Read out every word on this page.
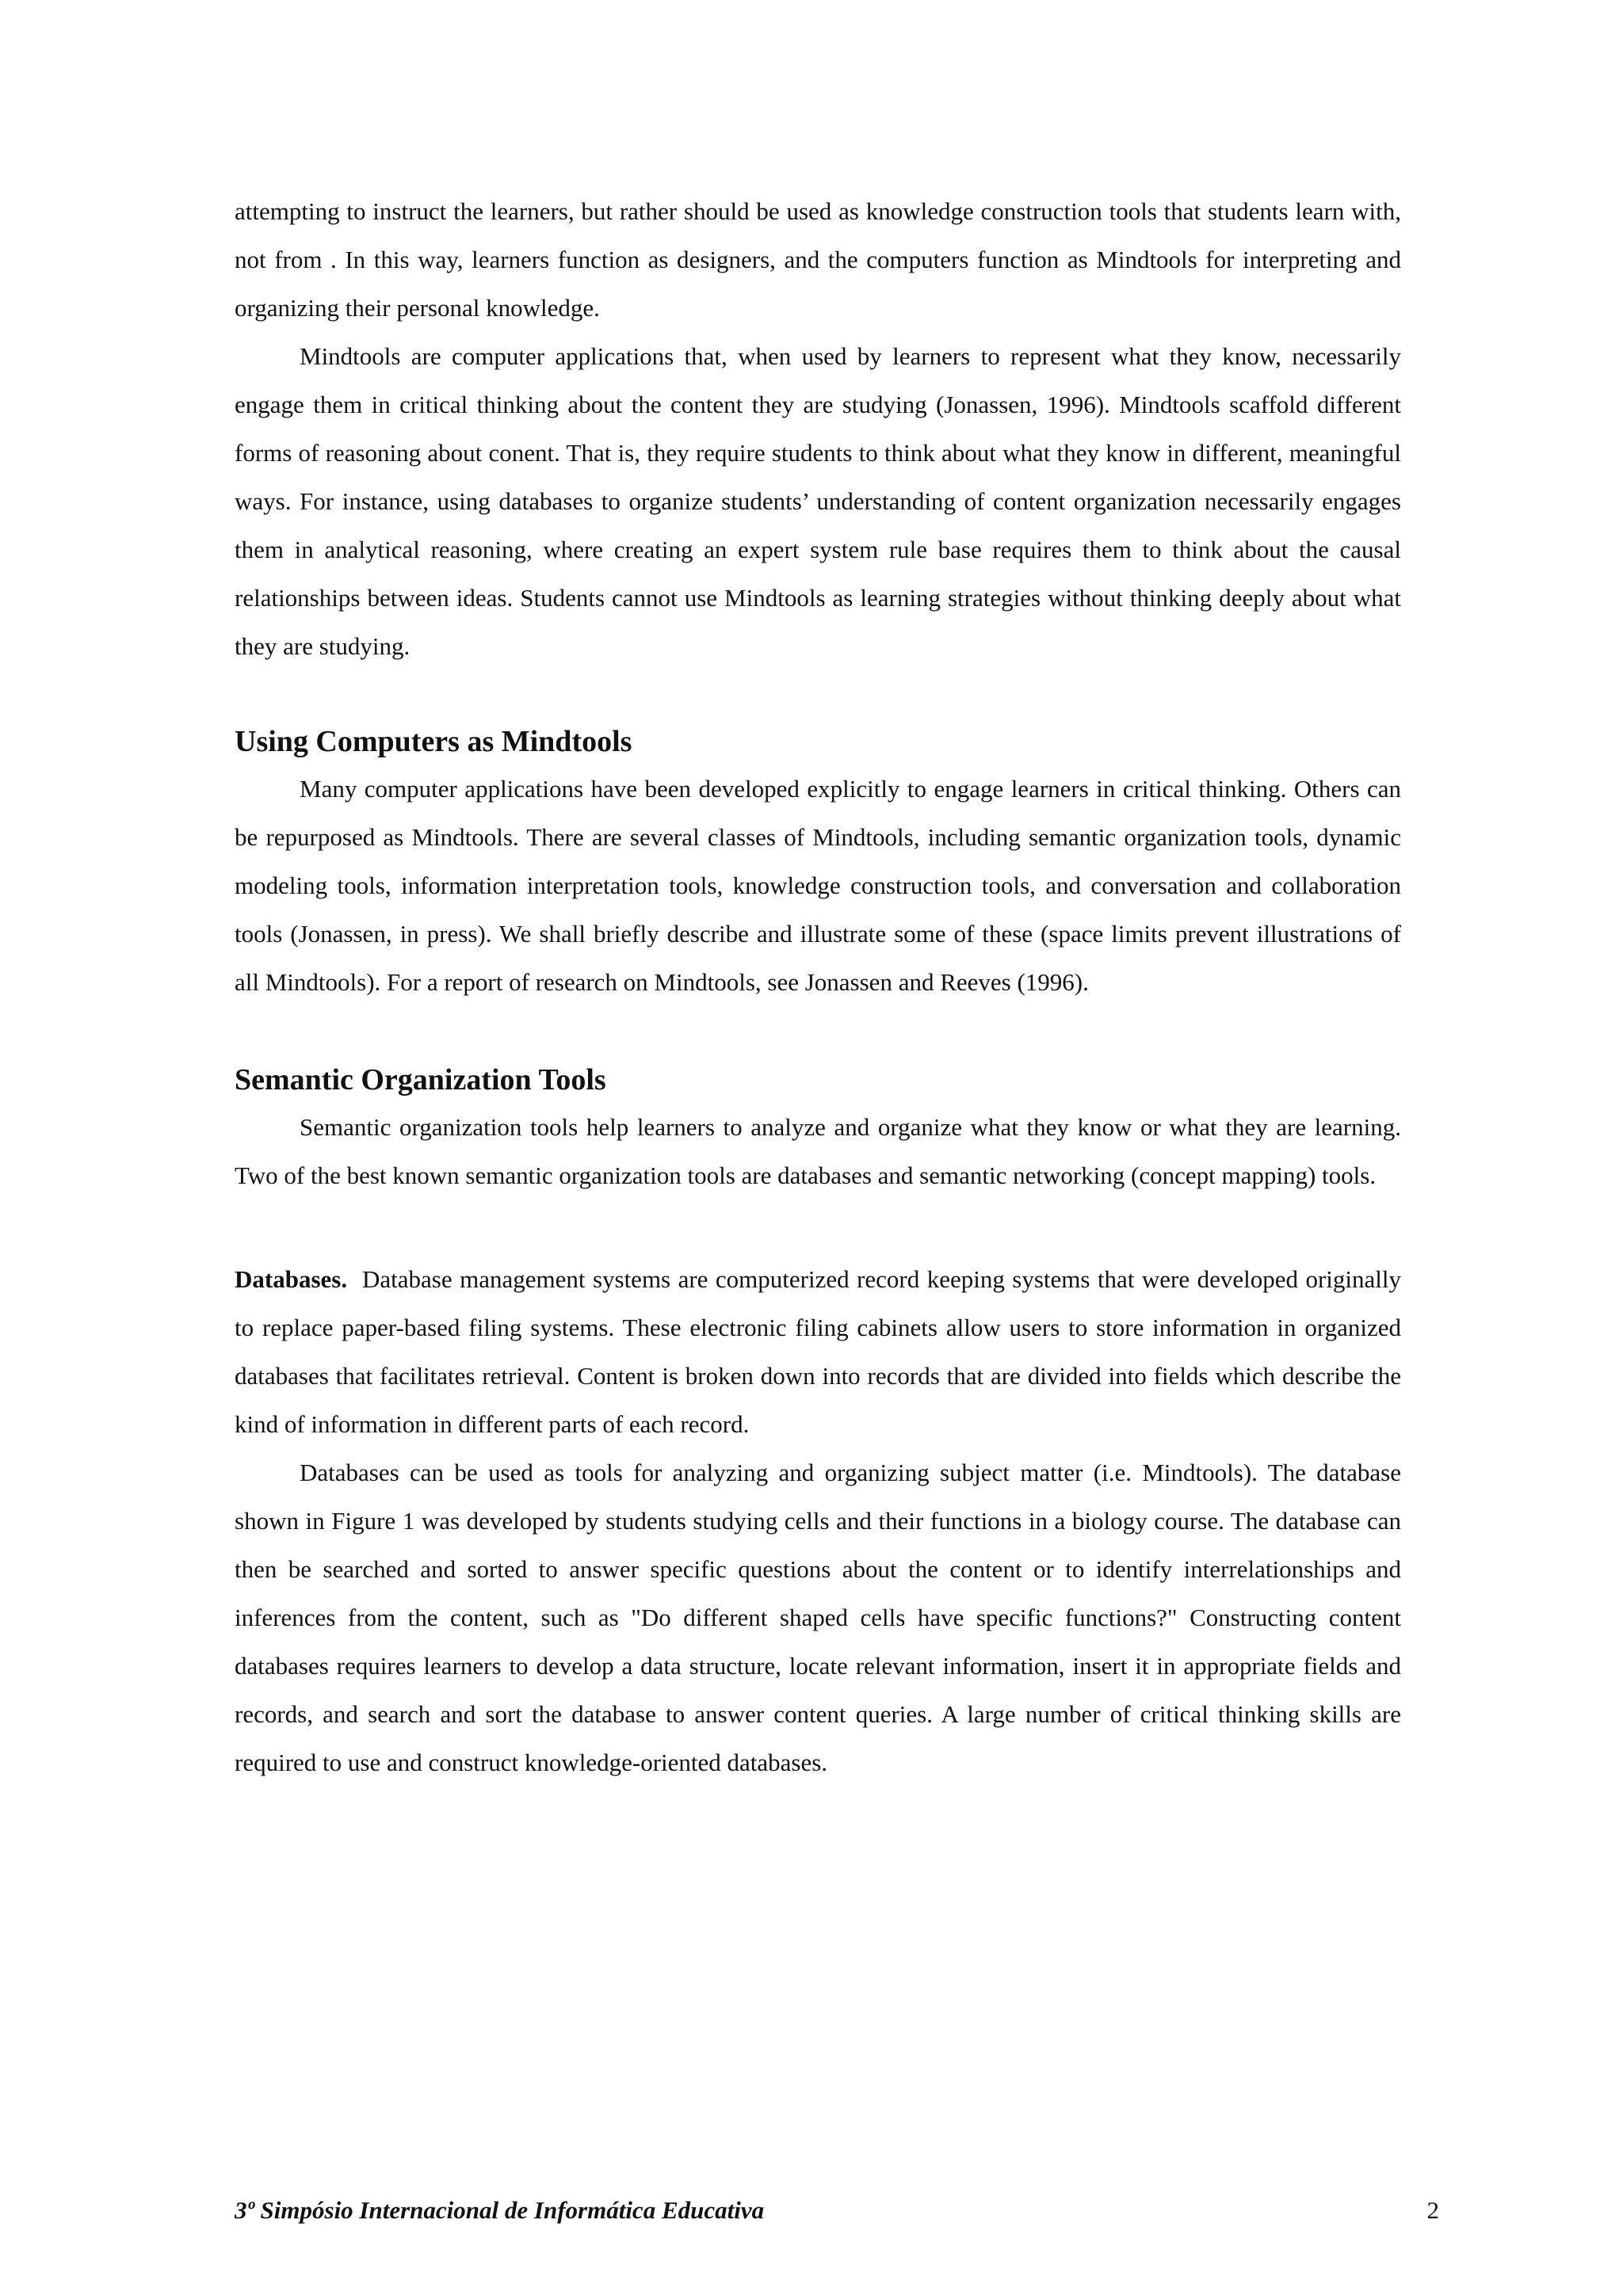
attempting to instruct the learners, but rather should be used as knowledge construction tools that students learn with, not from . In this way, learners function as designers, and the computers function as Mindtools for interpreting and organizing their personal knowledge.

Mindtools are computer applications that, when used by learners to represent what they know, necessarily engage them in critical thinking about the content they are studying (Jonassen, 1996). Mindtools scaffold different forms of reasoning about conent. That is, they require students to think about what they know in different, meaningful ways. For instance, using databases to organize students’ understanding of content organization necessarily engages them in analytical reasoning, where creating an expert system rule base requires them to think about the causal relationships between ideas. Students cannot use Mindtools as learning strategies without thinking deeply about what they are studying.

Using Computers as Mindtools

Many computer applications have been developed explicitly to engage learners in critical thinking. Others can be repurposed as Mindtools. There are several classes of Mindtools, including semantic organization tools, dynamic modeling tools, information interpretation tools, knowledge construction tools, and conversation and collaboration tools (Jonassen, in press). We shall briefly describe and illustrate some of these (space limits prevent illustrations of all Mindtools). For a report of research on Mindtools, see Jonassen and Reeves (1996).

Semantic Organization Tools

Semantic organization tools help learners to analyze and organize what they know or what they are learning. Two of the best known semantic organization tools are databases and semantic networking (concept mapping) tools.

Databases. Database management systems are computerized record keeping systems that were developed originally to replace paper-based filing systems. These electronic filing cabinets allow users to store information in organized databases that facilitates retrieval. Content is broken down into records that are divided into fields which describe the kind of information in different parts of each record.

Databases can be used as tools for analyzing and organizing subject matter (i.e. Mindtools). The database shown in Figure 1 was developed by students studying cells and their functions in a biology course. The database can then be searched and sorted to answer specific questions about the content or to identify interrelationships and inferences from the content, such as "Do different shaped cells have specific functions?" Constructing content databases requires learners to develop a data structure, locate relevant information, insert it in appropriate fields and records, and search and sort the database to answer content queries. A large number of critical thinking skills are required to use and construct knowledge-oriented databases.

3º Simpósio Internacional de Informática Educativa	2
